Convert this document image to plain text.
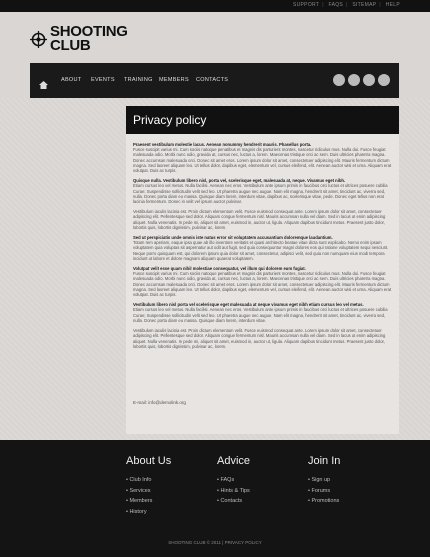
SUPPORT | FAQS | SITEMAP | HELP
SHOOTING
CLUB
ABOUT EVENTS TRAINING MEMBERS CONTACTS
Privacy policy

Praesent vestibulum molestie lacus. Aenean nonummy hendrerit mauris. Phasellus porta.
Fusce suscipit varius mi. Cum sociis natoque penatibus et magnis dis parturient montes, nascetur ridiculus mus. Nulla dui. Fusce feugiat malesuada odio. Morbi nunc odio, gravida at, cursus nec, luctus a, lorem. Maecenas tristique orci ac sem. Duis ultricies pharetra magna. Donec accumsan malesuada orci. Donec sit amet eros. Lorem ipsum dolor sit amet, consectetuer adipiscing elit. Mauris fermentum dictum magna. Sed laoreet aliquam leo. Ut tellus dolor, dapibus eget, elementum vel, cursus eleifend, elit. Aenean auctor wisi et urna. Aliquam erat volutpat. Duis ac turpis.

Quisque nulla. Vestibulum libero nisl, porta vel, scelerisque eget, malesuada at, neque. Vivamus eget nibh.
Etiam cursus leo vel metus. Nulla facilisi. Aenean nec eros. Vestibulum ante ipsum primis in faucibus orci luctus et ultrices posuere cubilia Curae; Suspendisse sollicitudin velit sed leo. Ut pharetra augue nec augue. Nam elit magna, hendrerit sit amet, tincidunt ac, viverra sed, nulla. Donec porta diam eu massa. Quisque diam lorem, interdum vitae, dapibus ac, scelerisque vitae, pede. Donec eget tellus non erat lacinia fermentum. Donec in velit vel ipsum auctor pulvinar.

Vestibulum iaculis lacinia est. Proin dictum elementum velit. Fusce euismod consequat ante. Lorem ipsum dolor sit amet, consectetuer adipiscing elit. Pellentesque sed dolor. Aliquam congue fermentum nisl. Mauris accumsan nulla vel diam. Sed in lacus ut enim adipiscing aliquet. Nulla venenatis. In pede mi, aliquet sit amet, euismod in, auctor ut, ligula. Aliquam dapibus tincidunt metus. Praesent justo dolor, lobortis quis, lobortis dignissim, pulvinar ac, lorem.

Sed ut perspiciatis unde omnis iste natus error sit voluptatem accusantium doloremque laudantium.
Totam rem aperiam, eaque ipsa quae ab illo inventore veritatis et quasi architecto beatae vitae dicta sunt explicabo. Nemo enim ipsam voluptatem quia voluptas sit aspernatur aut odit aut fugit, sed quia consequuntur magni dolores eos qui ratione voluptatem sequi nesciunt. Neque porro quisquam est, qui dolorem ipsum quia dolor sit amet, consectetur, adipisci velit, sed quia non numquam eius modi tempora incidunt ut labore et dolore magnam aliquam quaerat voluptatem.

Volutpat velit esse quam nihil molestiae consequatur, vel illum qui dolorem eum fugiat.
Fusce suscipit varius mi. Cum sociis natoque penatibus et magnis dis parturient montes, nascetur ridiculus mus. Nulla dui. Fusce feugiat malesuada odio. Morbi nunc odio, gravida at, cursus nec, luctus a, lorem. Maecenas tristique orci ac sem. Duis ultricies pharetra magna. Donec accumsan malesuada orci. Donec sit amet eros. Lorem ipsum dolor sit amet, consectetuer adipiscing elit. Mauris fermentum dictum magna. Sed laoreet aliquam leo. Ut tellus dolor, dapibus eget, elementum vel, cursus eleifend, elit. Aenean auctor wisi et urna. Aliquam erat volutpat. Duis ac turpis.

Vestibulum libero nisl porta vel scelerisque eget malesuada at neque vivamus eget nibh etiam cursus leo vel metus.
Etiam cursus leo vel metus. Nulla facilisi. Aenean nec eros. Vestibulum ante ipsum primis in faucibus orci luctus et ultrices posuere cubilia Curae; Suspendisse sollicitudin velit sed leo. Ut pharetra augue nec augue. Nam elit magna, hendrerit sit amet, tincidunt ac, viverra sed, nulla. Donec porta diam eu massa. Quisque diam lorem, interdum vitae.

Vestibulum iaculis lacinia est. Proin dictum elementum velit. Fusce euismod consequat ante. Lorem ipsum dolor sit amet, consectetuer adipiscing elit. Pellentesque sed dolor. Aliquam congue fermentum nisl. Mauris accumsan nulla vel diam. Sed in lacus ut enim adipiscing aliquet. Nulla venenatis. In pede mi, aliquet sit amet, euismod in, auctor ut, ligula. Aliquam dapibus tincidunt metus. Praesent justo dolor, lobortis quis, lobortis dignissim, pulvinar ac, lorem.

E-mail: info@demolink.org
About Us
• Club Info
• Services
• Members
• History
Advice
• FAQs
• Hints & Tips
• Contacts
Join In
• Sign up
• Forums
• Promotions
SHOOTING CLUB © 2011 | PRIVACY POLICY
